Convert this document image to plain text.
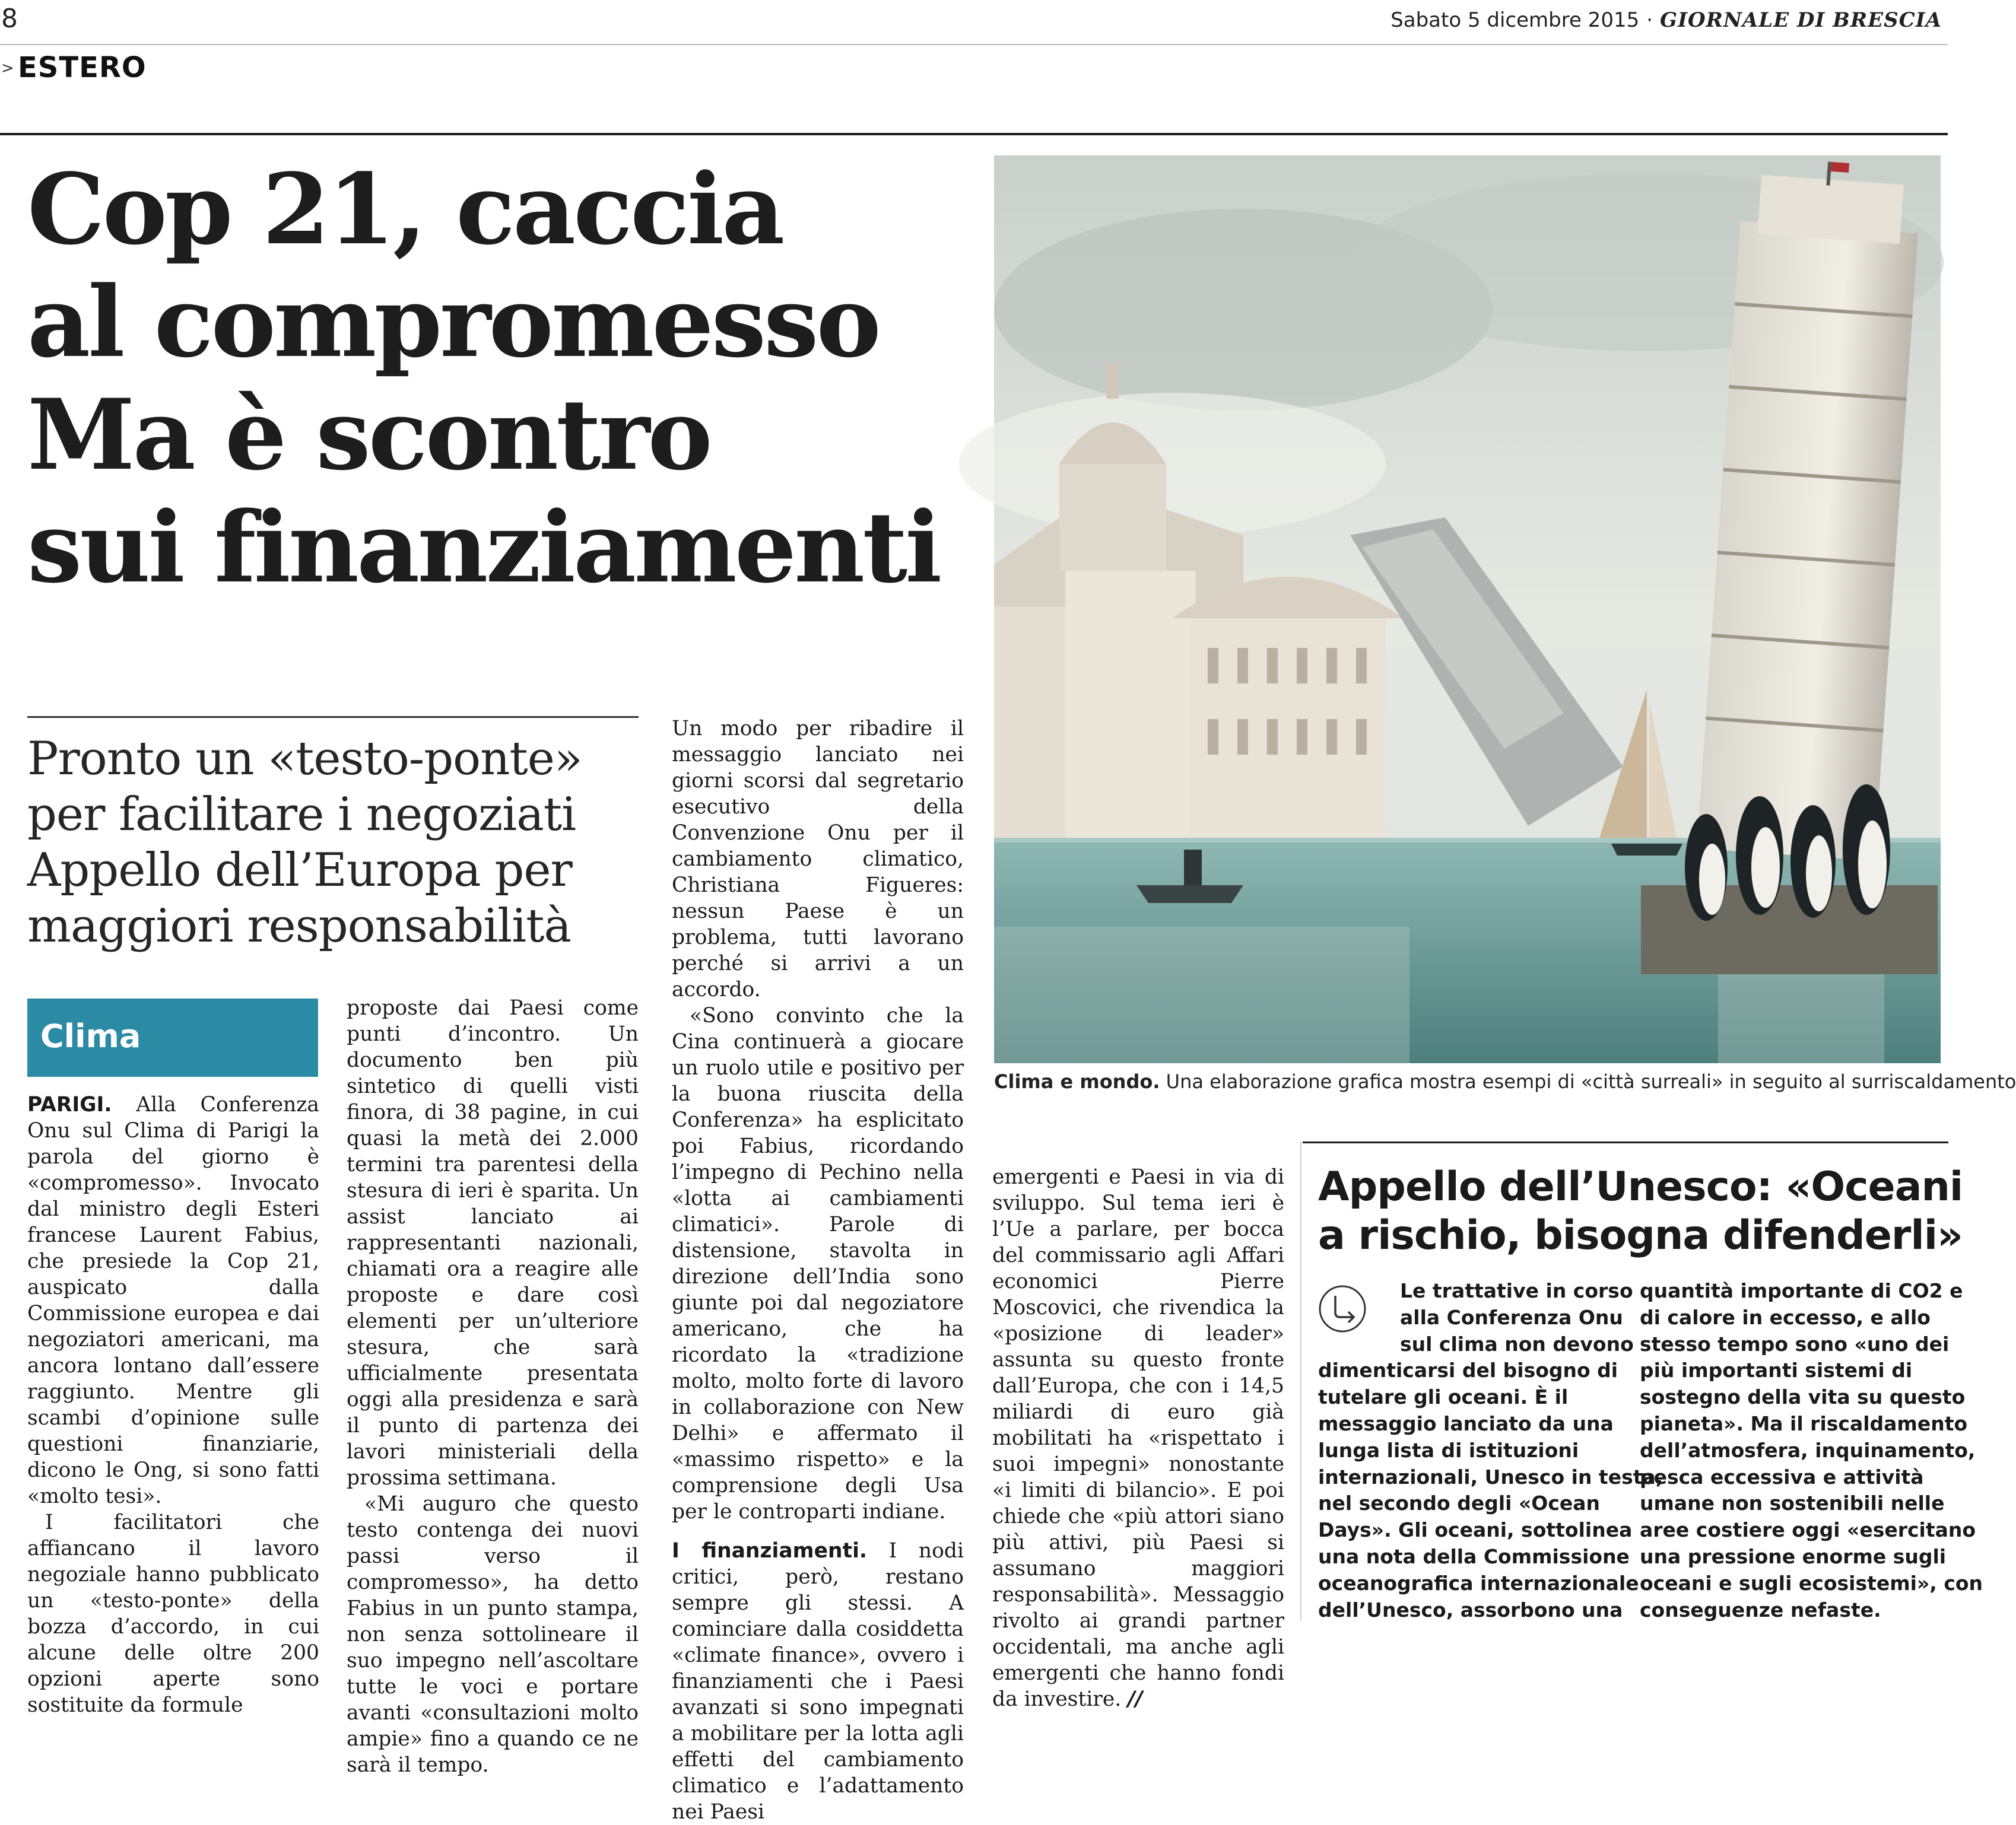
8	Sabato 5 dicembre 2015 · GIORNALE DI BRESCIA
> ESTERO
Cop 21, caccia
al compromesso
Ma è scontro
sui finanziamenti
Pronto un «testo-ponte»
per facilitare i negoziati
Appello dell’Europa per
maggiori responsabilità
Clima

PARIGI. Alla Conferenza Onu sul Clima di Parigi la parola del giorno è «compromesso». Invocato dal ministro degli Esteri francese Laurent Fabius, che presiede la Cop 21, auspicato dalla Commissione europea e dai negoziatori americani, ma ancora lontano dall’essere raggiunto. Mentre gli scambi d’opinione sulle questioni finanziarie, dicono le Ong, si sono fatti «molto tesi».

I facilitatori che affiancano il lavoro negoziale hanno pubblicato un «testo-ponte» della bozza d’accordo, in cui alcune delle oltre 200 opzioni aperte sono sostituite da formule

proposte dai Paesi come punti d’incontro. Un documento ben più sintetico di quelli visti finora, di 38 pagine, in cui quasi la metà dei 2.000 termini tra parentesi della stesura di ieri è sparita. Un assist lanciato ai rappresentanti nazionali, chiamati ora a reagire alle proposte e dare così elementi per un’ulteriore stesura, che sarà ufficialmente presentata oggi alla presidenza e sarà il punto di partenza dei lavori ministeriali della prossima settimana.

«Mi auguro che questo testo contenga dei nuovi passi verso il compromesso», ha detto Fabius in un punto stampa, non senza sottolineare il suo impegno nell’ascoltare tutte le voci e portare avanti «consultazioni molto ampie» fino a quando ce ne sarà il tempo.

Un modo per ribadire il messaggio lanciato nei giorni scorsi dal segretario esecutivo della Convenzione Onu per il cambiamento climatico, Christiana Figueres: nessun Paese è un problema, tutti lavorano perché si arrivi a un accordo.

«Sono convinto che la Cina continuerà a giocare un ruolo utile e positivo per la buona riuscita della Conferenza» ha esplicitato poi Fabius, ricordando l’impegno di Pechino nella «lotta ai cambiamenti climatici». Parole di distensione, stavolta in direzione dell’India sono giunte poi dal negoziatore americano, che ha ricordato la «tradizione molto, molto forte di lavoro in collaborazione con New Delhi» e affermato il «massimo rispetto» e la comprensione degli Usa per le controparti indiane.

I finanziamenti. I nodi critici, però, restano sempre gli stessi. A cominciare dalla cosiddetta «climate finance», ovvero i finanziamenti che i Paesi avanzati si sono impegnati a mobilitare per la lotta agli effetti del cambiamento climatico e l’adattamento nei Paesi

emergenti e Paesi in via di sviluppo. Sul tema ieri è l’Ue a parlare, per bocca del commissario agli Affari economici Pierre Moscovici, che rivendica la «posizione di leader» assunta su questo fronte dall’Europa, che con i 14,5 miliardi di euro già mobilitati ha «rispettato i suoi impegni» nonostante «i limiti di bilancio». E poi chiede che «più attori siano più attivi, più Paesi si assumano maggiori responsabilità». Messaggio rivolto ai grandi partner occidentali, ma anche agli emergenti che hanno fondi da investire. //

Clima e mondo. Una elaborazione grafica mostra esempi di «città surreali» in seguito al surriscaldamento
Appello dell’Unesco: «Oceani
a rischio, bisogna difenderli»
Le trattative in corso
alla Conferenza Onu
sul clima non devono
dimenticarsi del bisogno di
tutelare gli oceani. È il
messaggio lanciato da una
lunga lista di istituzioni
internazionali, Unesco in testa,
nel secondo degli «Ocean
Days». Gli oceani, sottolinea
una nota della Commissione
oceanografica internazionale
dell’Unesco, assorbono una
quantità importante di CO2 e
di calore in eccesso, e allo
stesso tempo sono «uno dei
più importanti sistemi di
sostegno della vita su questo
pianeta». Ma il riscaldamento
dell’atmosfera, inquinamento,
pesca eccessiva e attività
umane non sostenibili nelle
aree costiere oggi «esercitano
una pressione enorme sugli
oceani e sugli ecosistemi», con
conseguenze nefaste.
